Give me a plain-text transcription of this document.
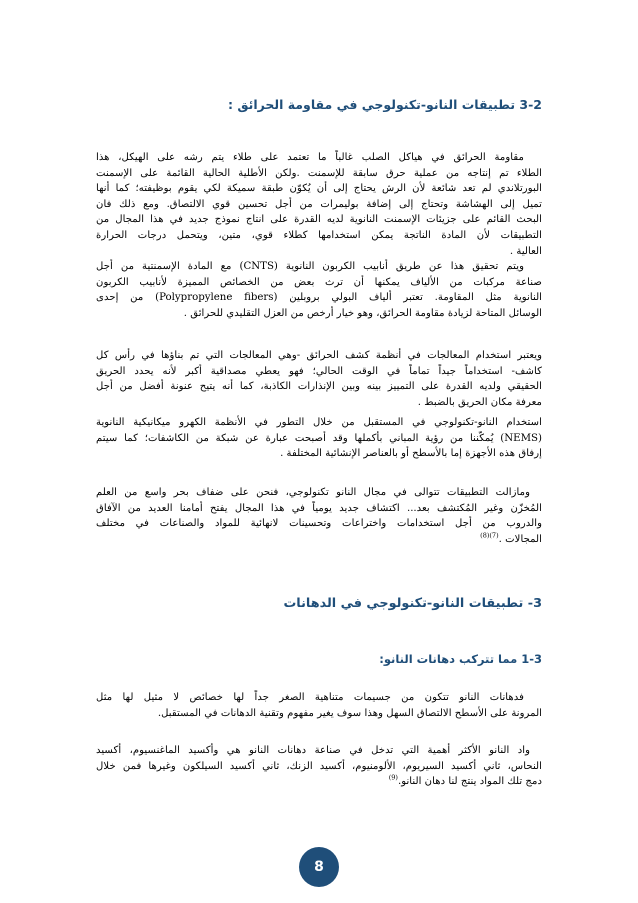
3-2 تطبيقات النانو-تكنولوجي في مقاومة الحرائق :

مقاومة الحرائق في هياكل الصلب غالباً ما تعتمد على طلاء يتم رشه على الهيكل، هذا
الطلاء تم إنتاجه من عملية حرق سابقة للإسمنت .ولكن الأطلية الحالية القائمة على الإسمنت
البورتلاندي لم تعد شائعة لأن الرش يحتاج إلى أن يُكوّن طبقة سميكة لكي يقوم بوظيفته؛ كما أنها
تميل إلى الهشاشة وتحتاج إلى إضافة بوليمرات من أجل تحسين قوي الالتصاق. ومع ذلك فان
البحث القائم على جزيئات الإسمنت النانوية لديه القدرة على انتاج نموذج جديد في هذا المجال من
التطبيقات لأن المادة الناتجة يمكن استخدامها كطلاء قوي، متين، ويتحمل درجات الحرارة
العالية .

ويتم تحقيق هذا عن طريق أنابيب الكربون النانوية (CNTS) مع المادة الإسمنتية من أجل
صناعة مركبات من الألياف يمكنها أن ترث بعض من الخصائص المميزة لأنابيب الكربون
النانوية مثل المقاومة. تعتبر ألياف البولي بروبلين (Polypropylene fibers) من إحدى
الوسائل المتاحة لزيادة مقاومة الحرائق، وهو خيار أرخص من العزل التقليدي للحرائق .

ويعتبر استخدام المعالجات في أنظمة كشف الحرائق -وهي المعالجات التي تم بناؤها في رأس كل
كاشف- استخداماً جيداً تماماً في الوقت الحالي؛ فهو يعطي مصداقية أكبر لأنه يحدد الحريق
الحقيقي ولديه القدرة على التمييز بينه وبين الإنذارات الكاذبة، كما أنه يتيح عنونة أفضل من أجل
معرفة مكان الحريق بالضبط .

استخدام النانو-تكنولوجي في المستقبل من خلال التطور في الأنظمة الكهرو ميكانيكية النانوية
(NEMS) يُمكّننا من رؤية المباني بأكملها وقد أصبحت عبارة عن شبكة من الكاشفات؛ كما سيتم
إرفاق هذه الأجهزة إما بالأسطح أو بالعناصر الإنشائية المختلفة .

ومازالت التطبيقات تتوالى في مجال النانو تكنولوجي، فنحن على ضفاف بحر واسع من العلم
المُخزّن وغير المُكتشف بعد... اكتشاف جديد يومياً في هذا المجال يفتح أمامنا العديد من الآفاق
والدروب من أجل استخدامات واختراعات وتحسينات لانهائية للمواد والصناعات في مختلف
المجالات .$^{(7)(8)}$

3- تطبيقات النانو-تكنولوجي في الدهانات
1-3 مما تتركب دهانات النانو:

فدهانات النانو تتكون من جسيمات متناهية الصغر جداً لها خصائص لا مثيل لها مثل
المرونة على الأسطح الالتصاق السهل وهذا سوف يغير مفهوم وتقنية الدهانات في المستقبل.

واد النانو الأكثر أهمية التي تدخل في صناعة دهانات النانو هي وأكسيد الماغنسيوم، أكسيد
النحاس، ثاني أكسيد السيريوم، الألومنيوم، أكسيد الزنك، ثاني أكسيد السيلكون وغيرها فمن خلال
دمج تلك المواد ينتج لنا دهان النانو.$^{(9)}$

8
